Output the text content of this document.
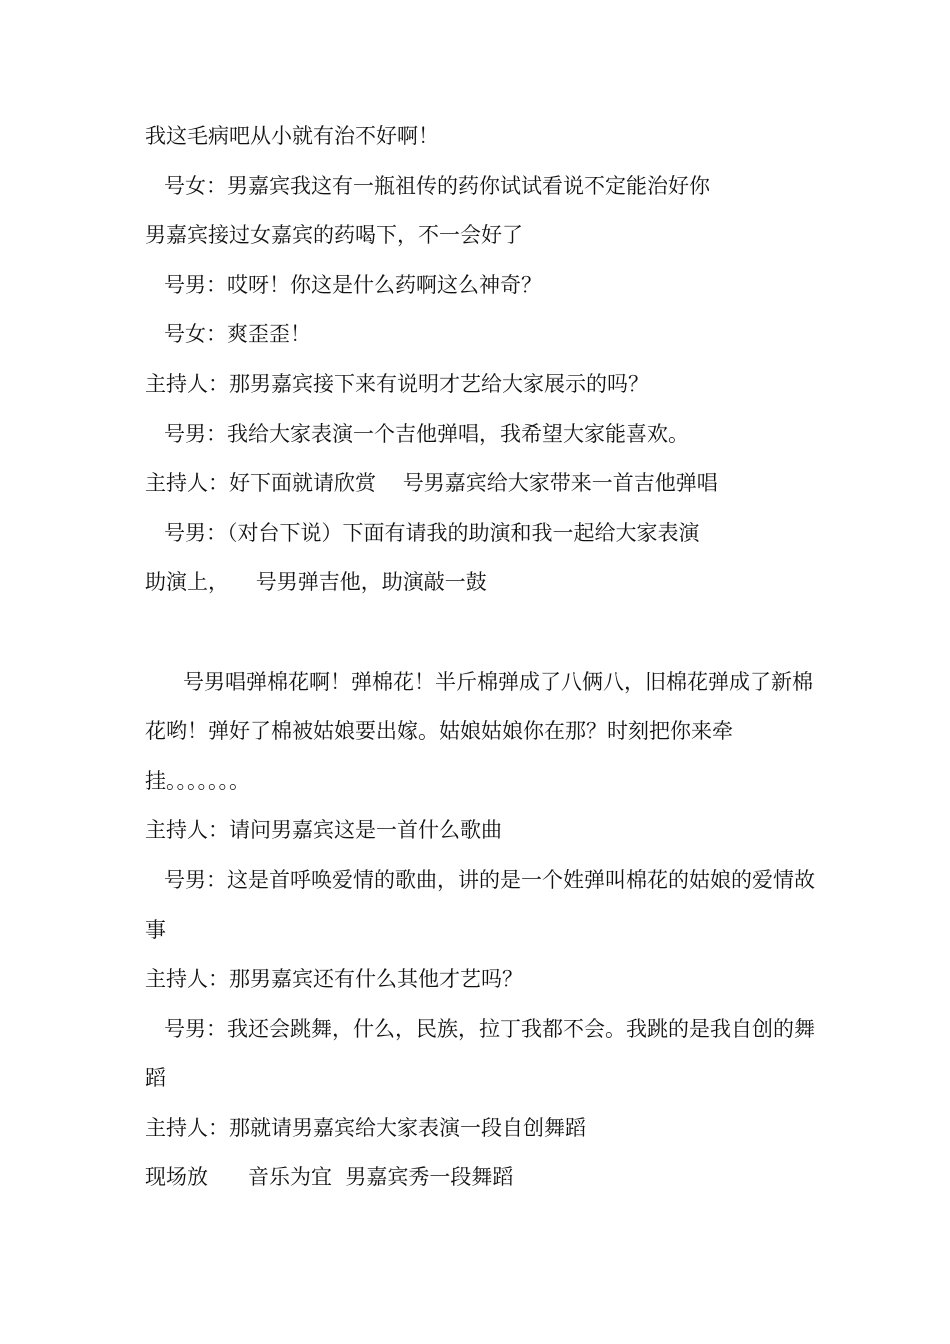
我这毛病吧从小就有治不好啊！
号女：男嘉宾我这有一瓶祖传的药你试试看说不定能治好你
男嘉宾接过女嘉宾的药喝下，不一会好了
号男：哎呀！你这是什么药啊这么神奇？
号女：爽歪歪！
主持人：那男嘉宾接下来有说明才艺给大家展示的吗？
号男：我给大家表演一个吉他弹唱，我希望大家能喜欢。
主持人：好下面就请欣赏    号男嘉宾给大家带来一首吉他弹唱
号男：（对台下说）下面有请我的助演和我一起给大家表演
助演上，    号男弹吉他，助演敲一鼓
号男唱弹棉花啊！弹棉花！半斤棉弹成了八俩八，旧棉花弹成了新棉花哟！弹好了棉被姑娘要出嫁。姑娘姑娘你在那？时刻把你来牵挂。。。。。。。
主持人：请问男嘉宾这是一首什么歌曲
号男：这是首呼唤爱情的歌曲，讲的是一个姓弹叫棉花的姑娘的爱情故事
主持人：那男嘉宾还有什么其他才艺吗？
号男：我还会跳舞，什么，民族，拉丁我都不会。我跳的是我自创的舞蹈
主持人：那就请男嘉宾给大家表演一段自创舞蹈
现场放      音乐为宜  男嘉宾秀一段舞蹈
